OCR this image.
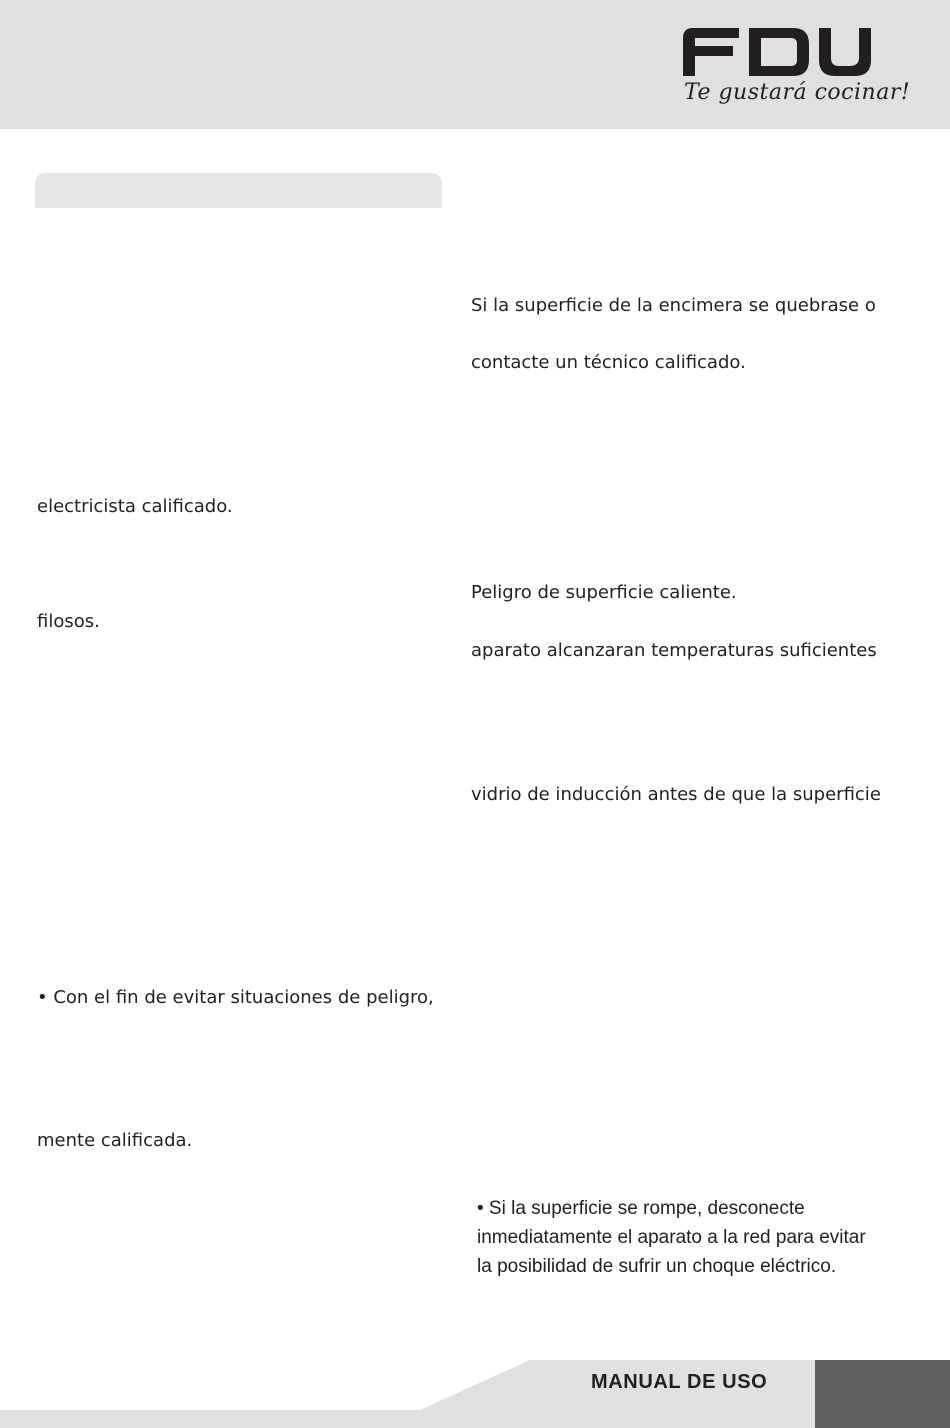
Te gustará cocinar!
electricista calificado.
filosos.
• Con el fin de evitar situaciones de peligro,
mente calificada.
Si la superficie de la encimera se quebrase o
contacte un técnico calificado.
Peligro de superficie caliente.
aparato alcanzaran temperaturas suficientes
vidrio de inducción antes de que la superficie
• Si la superficie se rompe, desconecte
inmediatamente el aparato a la red para evitar
la posibilidad de sufrir un choque eléctrico.
MANUAL DE USO
